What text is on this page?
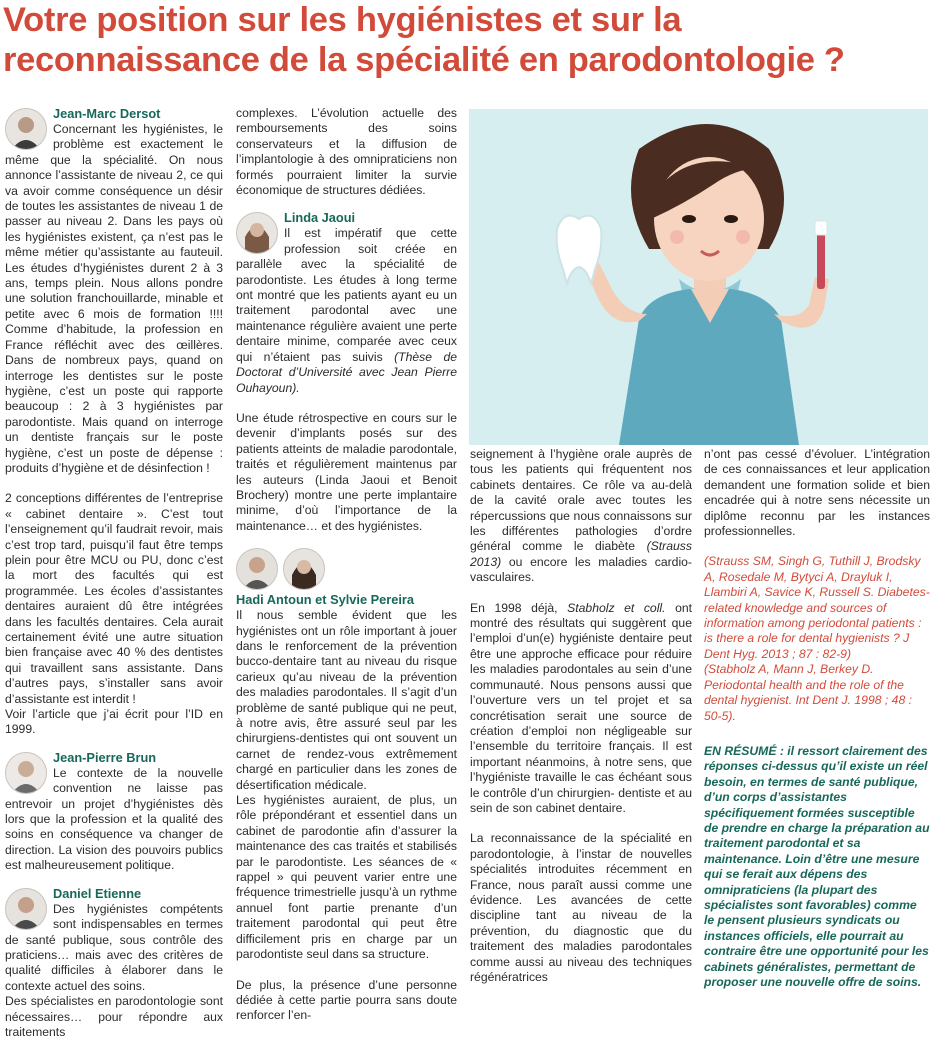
Votre position sur les hygiénistes et sur la reconnaissance de la spécialité en parodontologie ?

Jean-Marc Dersot

Concernant les hygiénistes, le problème est exactement le même que la spécialité. On nous annonce l’assistante de niveau 2, ce qui va avoir comme conséquence un désir de toutes les assistantes de niveau 1 de passer au niveau 2. Dans les pays où les hygiénistes existent, ça n’est pas le même métier qu’assistante au fauteuil. Les études d’hygiénistes durent 2 à 3 ans, temps plein. Nous allons pondre une solution franchouillarde, minable et petite avec 6 mois de formation !!!! Comme d’habitude, la profession en France réfléchit avec des œillères. Dans de nombreux pays, quand on interroge les dentistes sur le poste hygiène, c’est un poste qui rapporte beaucoup : 2 à 3 hygiénistes par parodontiste. Mais quand on interroge un dentiste français sur le poste hygiène, c’est un poste de dépense : produits d’hygiène et de désinfection !

2 conceptions différentes de l’entreprise « cabinet dentaire ». C’est tout l’enseignement qu’il faudrait revoir, mais c’est trop tard, puisqu’il faut être temps plein pour être MCU ou PU, donc c’est la mort des facultés qui est programmée. Les écoles d’assistantes dentaires auraient dû être intégrées dans les facultés dentaires. Cela aurait certainement évité une autre situation bien française avec 40 % des dentistes qui travaillent sans assistante. Dans d’autres pays, s’installer sans avoir d’assistante est interdit !

Voir l’article que j’ai écrit pour l’ID en 1999.

Jean-Pierre Brun

Le contexte de la nouvelle convention ne laisse pas entrevoir un projet d’hygiénistes dès lors que la profession et la qualité des soins en conséquence va changer de direction. La vision des pouvoirs publics est malheureusement politique.

Daniel Etienne

Des hygiénistes compétents sont indispensables en termes de santé publique, sous contrôle des praticiens… mais avec des critères de qualité difficiles à élaborer dans le contexte actuel des soins.

Des spécialistes en parodontologie sont nécessaires… pour répondre aux traitements

complexes. L’évolution actuelle des remboursements des soins conservateurs et la diffusion de l’implantologie à des omnipraticiens non formés pourraient limiter la survie économique de structures dédiées.

Linda Jaoui

Il est impératif que cette profession soit créée en parallèle avec la spécialité de parodontiste. Les études à long terme ont montré que les patients ayant eu un traitement parodontal avec une maintenance régulière avaient une perte dentaire minime, comparée avec ceux qui n’étaient pas suivis (Thèse de Doctorat d’Université avec Jean Pierre Ouhayoun).

Une étude rétrospective en cours sur le devenir d’implants posés sur des patients atteints de maladie parodontale, traités et régulièrement maintenus par les auteurs (Linda Jaoui et Benoit Brochery) montre une perte implantaire minime, d’où l’importance de la maintenance… et des hygiénistes.

Hadi Antoun et Sylvie Pereira

Il nous semble évident que les hygiénistes ont un rôle important à jouer dans le renforcement de la prévention bucco-dentaire tant au niveau du risque carieux qu’au niveau de la prévention des maladies parodontales. Il s’agit d’un problème de santé publique qui ne peut, à notre avis, être assuré seul par les chirurgiens-dentistes qui ont souvent un carnet de rendez-vous extrêmement chargé en particulier dans les zones de désertification médicale.

Les hygiénistes auraient, de plus, un rôle prépondérant et essentiel dans un cabinet de parodontie afin d’assurer la maintenance des cas traités et stabilisés par le parodontiste. Les séances de « rappel » qui peuvent varier entre une fréquence trimestrielle jusqu’à un rythme annuel font partie prenante d’un traitement parodontal qui peut être difficilement pris en charge par un parodontiste seul dans sa structure.

De plus, la présence d’une personne dédiée à cette partie pourra sans doute renforcer l’en-

seignement à l’hygiène orale auprès de tous les patients qui fréquentent nos cabinets dentaires. Ce rôle va au-delà de la cavité orale avec toutes les répercussions que nous connaissons sur les différentes pathologies d’ordre général comme le diabète (Strauss 2013) ou encore les maladies cardio-vasculaires.

En 1998 déjà, Stabholz et coll. ont montré des résultats qui suggèrent que l’emploi d’un(e) hygiéniste dentaire peut être une approche efficace pour réduire les maladies parodontales au sein d’une communauté. Nous pensons aussi que l’ouverture vers un tel projet et sa concrétisation serait une source de création d’emploi non négligeable sur l’ensemble du territoire français. Il est important néanmoins, à notre sens, que l’hygiéniste travaille le cas échéant sous le contrôle d’un chirurgien- dentiste et au sein de son cabinet dentaire.

La reconnaissance de la spécialité en parodontologie, à l’instar de nouvelles spécialités introduites récemment en France, nous paraît aussi comme une évidence. Les avancées de cette discipline tant au niveau de la prévention, du diagnostic que du traitement des maladies parodontales comme aussi au niveau des techniques régénératrices

n’ont pas cessé d’évoluer. L’intégration de ces connaissances et leur application demandent une formation solide et bien encadrée qui à notre sens nécessite un diplôme reconnu par les instances professionnelles.

(Strauss SM, Singh G, Tuthill J, Brodsky A, Rosedale M, Bytyci A, Drayluk I, Llambiri A, Savice K, Russell S. Diabetes-related knowledge and sources of information among periodontal patients : is there a role for dental hygienists ? J Dent Hyg. 2013 ; 87 : 82-9)

(Stabholz A, Mann J, Berkey D. Periodontal health and the role of the dental hygienist. Int Dent J. 1998 ; 48 : 50-5).

EN RÉSUMÉ : il ressort clairement des réponses ci-dessus qu’il existe un réel besoin, en termes de santé publique, d’un corps d’assistantes spécifiquement formées susceptible de prendre en charge la préparation au traitement parodontal et sa maintenance. Loin d’être une mesure qui se ferait aux dépens des omnipraticiens (la plupart des spécialistes sont favorables) comme le pensent plusieurs syndicats ou instances officiels, elle pourrait au contraire être une opportunité pour les cabinets généralistes, permettant de proposer une nouvelle offre de soins.
